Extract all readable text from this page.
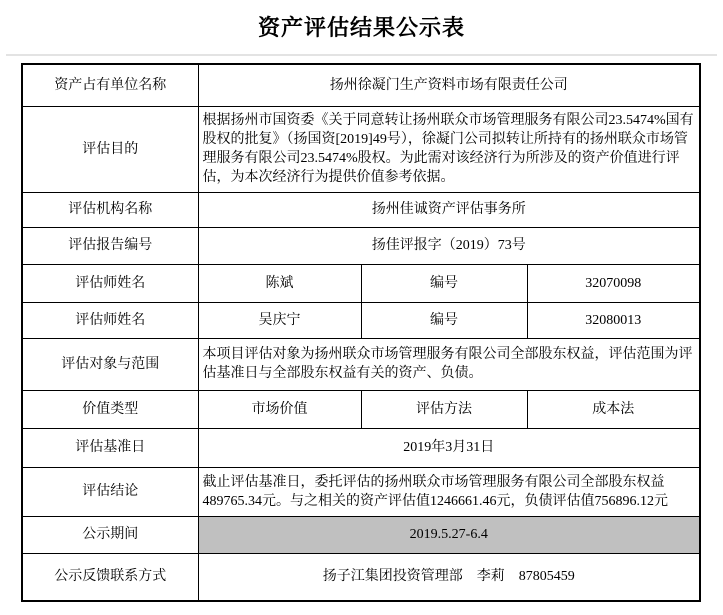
资产评估结果公示表
资产占有单位名称	扬州徐凝门生产资料市场有限责任公司		
评估目的	根据扬州市国资委《关于同意转让扬州联众市场管理服务有限公司23.5474%国有股权的批复》（扬国资[2019]49号），徐凝门公司拟转让所持有的扬州联众市场管理服务有限公司23.5474%股权。为此需对该经济行为所涉及的资产价值进行评估，为本次经济行为提供价值参考依据。		
评估机构名称	扬州佳诚资产评估事务所		
评估报告编号	扬佳评报字（2019）73号		
评估师姓名	陈斌	编号	32070098
评估师姓名	吴庆宁	编号	32080013
评估对象与范围	本项目评估对象为扬州联众市场管理服务有限公司全部股东权益，评估范围为评估基准日与全部股东权益有关的资产、负债。		
价值类型	市场价值	评估方法	成本法
评估基准日	2019年3月31日		
评估结论	截止评估基准日，委托评估的扬州联众市场管理服务有限公司全部股东权益489765.34元。与之相关的资产评估值1246661.46元，负债评估值756896.12元		
公示期间	2019.5.27-6.4		
公示反馈联系方式	扬子江集团投资管理部　李莉　87805459		
